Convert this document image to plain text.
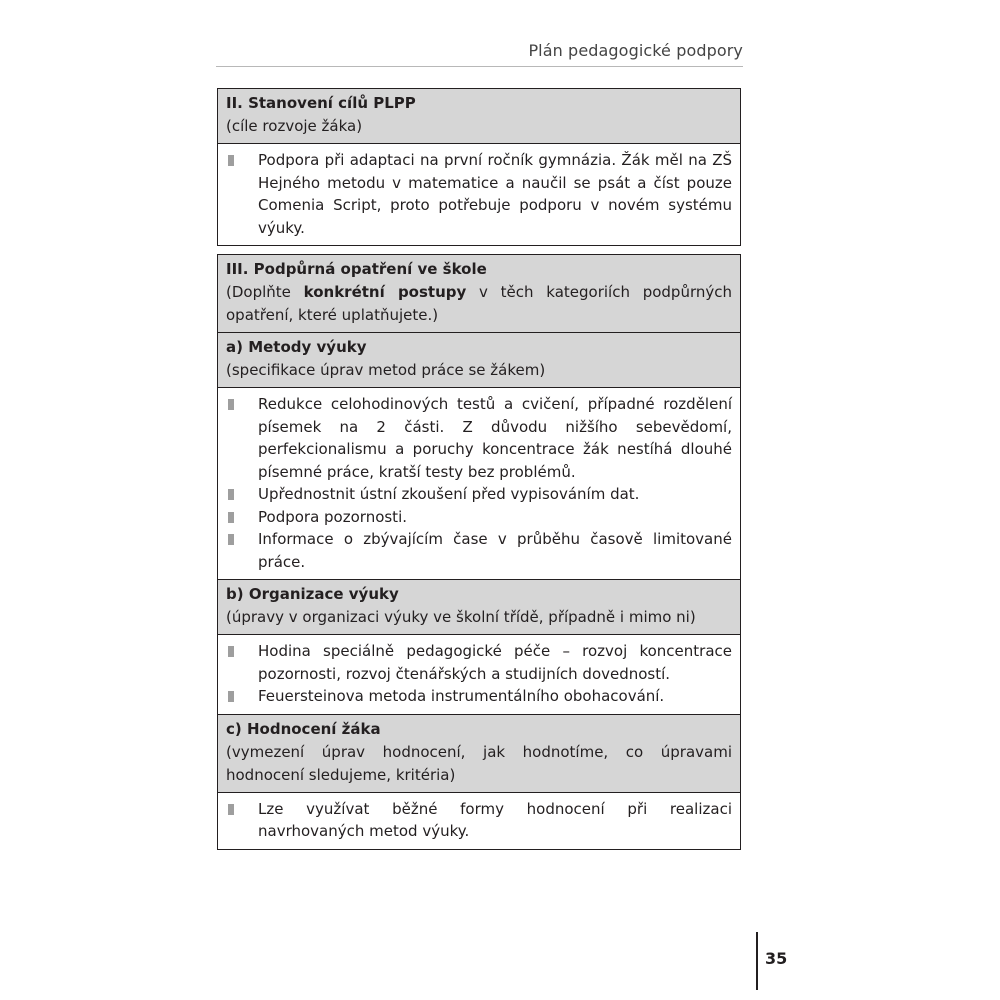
Plán pedagogické podpory
II. Stanovení cílů PLPP
(cíle rozvoje žáka)
Podpora při adaptaci na první ročník gymnázia. Žák měl na ZŠ Hejného metodu v matematice a naučil se psát a číst pouze Comenia Script, proto potřebuje podporu v novém systému výuky.
III. Podpůrná opatření ve škole
(Doplňte konkrétní postupy v těch kategoriích podpůrných opatření, které uplatňujete.)
a) Metody výuky
(specifikace úprav metod práce se žákem)
Redukce celohodinových testů a cvičení, případné rozdělení písemek na 2 části. Z důvodu nižšího sebevědomí, perfekcionalismu a poruchy koncentrace žák nestíhá dlouhé písemné práce, kratší testy bez problémů.
Upřednostnit ústní zkoušení před vypisováním dat.
Podpora pozornosti.
Informace o zbývajícím čase v průběhu časově limitované práce.
b) Organizace výuky
(úpravy v organizaci výuky ve školní třídě, případně i mimo ni)
Hodina speciálně pedagogické péče – rozvoj koncentrace pozornosti, rozvoj čtenářských a studijních dovedností.
Feuersteinova metoda instrumentálního obohacování.
c) Hodnocení žáka
(vymezení úprav hodnocení, jak hodnotíme, co úpravami hodnocení sledujeme, kritéria)
Lze využívat běžné formy hodnocení při realizaci navrhovaných metod výuky.
35
